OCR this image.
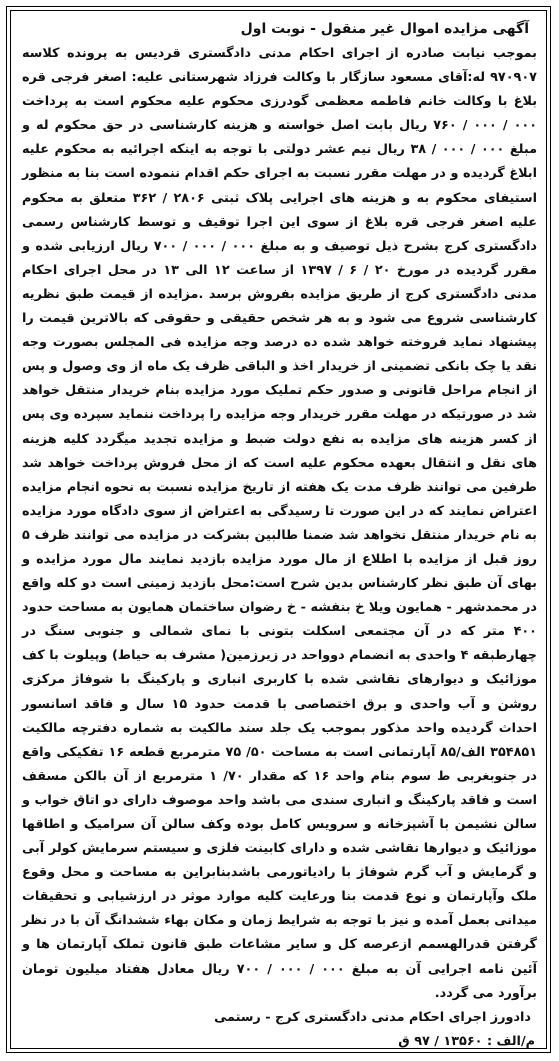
آگهی مزایده اموال غیر منقول - نوبت اول

بموجب نیابت صادره از اجرای احکام مدنی دادگستری قردیس به پرونده کلاسه ۹۷۰۹۰۷ له:آقای مسعود سازگار با وکالت فرزاد شهرستانی علیه: اصغر فرجی قره بلاغ با وکالت خانم فاطمه معظمی گودرزی محکوم علیه محکوم است به پرداخت ۰۰۰ / ۰۰۰ / ۷۶۰ ریال بابت اصل خواسته و هزینه کارشناسی در حق محکوم له و مبلغ ۰۰۰ / ۰۰۰ / ۳۸ ریال نیم عشر دولتی با توجه به اینکه اجرائیه به محکوم علیه ابلاغ گردیده و در مهلت مقرر نسبت به اجرای حکم اقدام ننموده است بنا به منظور استیفای محکوم به و هزینه های اجرایی پلاک ثبتی ۲۸۰۶ / ۳۶۲ متعلق به محکوم علیه اصغر فرجی قره بلاغ از سوی این اجرا توقیف و توسط کارشناس رسمی دادگستری کرج بشرح ذیل توصیف و به مبلغ ۰۰۰ / ۰۰۰ / ۷۰۰ ریال ارزیابی شده و مقرر گردیده در مورخ ۲۰ / ۶ / ۱۳۹۷ از ساعت ۱۲ الی ۱۳ در محل اجرای احکام مدنی دادگستری کرج از طریق مزایده بفروش برسد .مزایده از قیمت طبق نظریه کارشناسی شروع می شود و به هر شخص حقیقی و حقوقی که بالاترین قیمت را پیشنهاد نماید فروخته خواهد شده ده درصد وجه مزایده فی المجلس بصورت وجه نقد یا چک بانکی تضمینی از خریدار اخذ و الباقی ظرف یک ماه از وی وصول و پس از انجام مراحل قانونی و صدور حکم تملیک مورد مزایده بنام خریدار منتقل خواهد شد در صورتیکه در مهلت مقرر خریدار وجه مزایده را پرداخت ننماید سپرده وی پس از کسر هزینه های مزایده به نفع دولت ضبط و مزایده تجدید میگردد کلیه هزینه های نقل و انتقال بعهده محکوم علیه است که از محل فروش پرداخت خواهد شد طرفین می توانند ظرف مدت یک هفته از تاریخ مزایده نسبت به نحوه انجام مزایده اعتراض نمایند که در این صورت تا رسیدگی به اعتراض از سوی دادگاه مورد مزایده به نام خریدار منتقل نخواهد شد ضمنا طالبین بشرکت در مزایده می توانند ظرف ۵ روز قبل از مزایده با اطلاع از مال مورد مزایده بازدید نمایند مال مورد مزایده و بهای آن طبق نظر کارشناس بدین شرح است:محل بازدید زمینی است دو کله واقع در محمدشهر - همایون ویلا خ بنفشه - خ رضوان ساختمان همایون به مساحت حدود ۴۰۰ متر که در آن مجتمعی اسکلت بتونی با نمای شمالی و جنوبی سنگ در چهارطبقه ۴ واحدی به انضمام دوواحد در زیرزمین( مشرف به حیاط) وپیلوت با کف موزائیک و دیوارهای نقاشی شده با کاربری انباری و پارکینگ با شوفاژ مرکزی روشن و آب واحدی و برق اختصاصی با قدمت حدود ۱۵ سال و فاقد اسانسور احداث گردیده واحد مذکور بموجب یک جلد سند مالکیت به شماره دفترچه مالکیت ۳۵۴۸۵۱ الف/۸۵ آپارتمانی است به مساحت ۵۰/ ۷۵ مترمربع قطعه ۱۶ تفکیکی واقع در جنوبغربی ط سوم بنام واحد ۱۶ که مقدار ۷۰/ ۱ مترمربع از آن بالکن مسقف است و فاقد پارکینگ و انباری سندی می باشد واحد موصوف دارای دو اتاق خواب و سالن نشیمن با آشپزخانه و سرویس کامل بوده وکف سالن آن سرامیک و اطاقها موزائیک و دیوارها نقاشی شده و دارای کابینت فلزی و سیستم سرمایش کولر آبی و گرمایش و آب گرم شوفاژ با رادیاتورمی باشدبنابراین به مساحت و محل وقوع ملک وآپارتمان و نوع قدمت بنا ورعایت کلیه موارد موثر در ارزشیابی و تحقیقات میدانی بعمل آمده و نیز با توجه به شرایط زمان و مکان بهاء ششدانگ آن با در نظر گرفتن قدرالهسمم ازعرصه کل و سایر مشاعات طبق قانون تملک آپارتمان ها و آئین نامه اجرایی آن به مبلغ ۰۰۰ / ۰۰۰ / ۷۰۰ ریال معادل هفتاد میلیون تومان برآورد می گردد.

دادورز اجرای احکام مدنی دادگستری کرج - رستمی
م/الف : ۱۳۵۶۰ / ۹۷ ق
